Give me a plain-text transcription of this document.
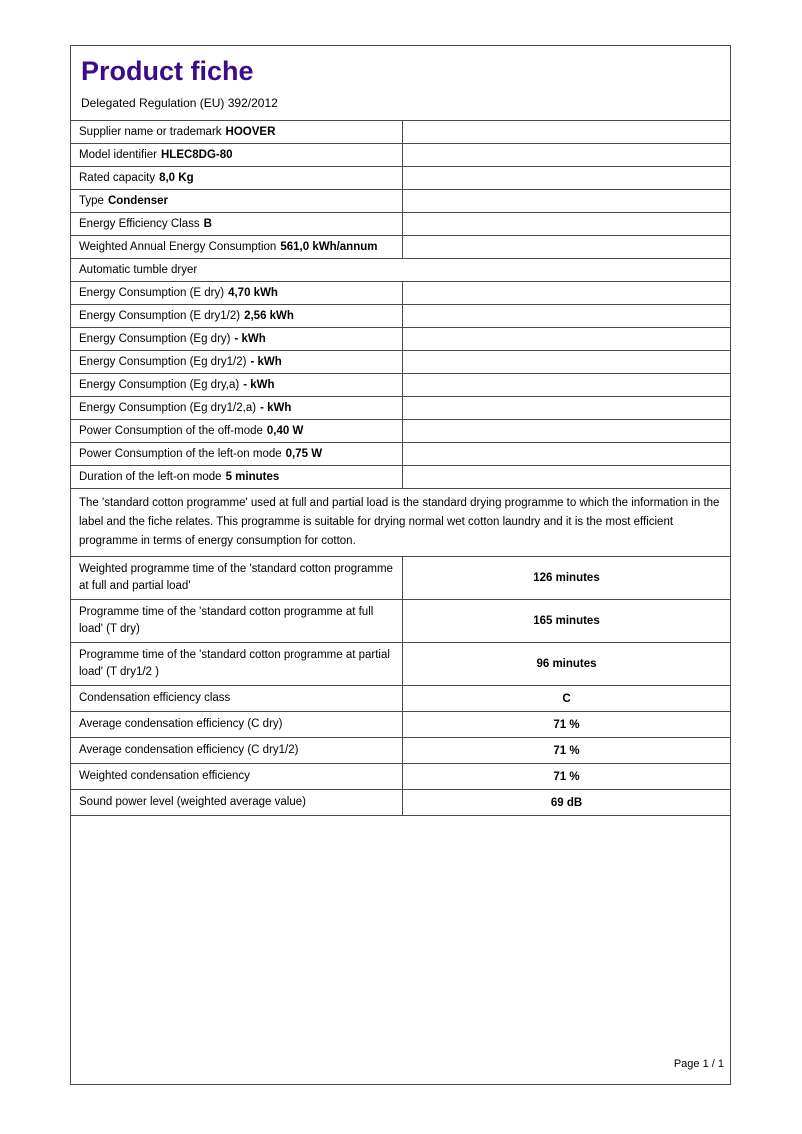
Product fiche
Delegated Regulation (EU) 392/2012
Supplier name or trademark HOOVER
Model identifier HLEC8DG-80
Rated capacity 8,0 Kg
Type Condenser
Energy Efficiency Class B
Weighted Annual Energy Consumption 561,0 kWh/annum
Automatic tumble dryer
Energy Consumption (E dry) 4,70 kWh
Energy Consumption (E dry1/2) 2,56 kWh
Energy Consumption (Eg dry) - kWh
Energy Consumption (Eg dry1/2) - kWh
Energy Consumption (Eg dry,a) - kWh
Energy Consumption (Eg dry1/2,a) - kWh
Power Consumption of the off-mode 0,40 W
Power Consumption of the left-on mode 0,75 W
Duration of the left-on mode 5 minutes
The 'standard cotton programme' used at full and partial load is the standard drying programme to which the information in the label and the fiche relates. This programme is suitable for drying normal wet cotton laundry and it is the most efficient programme in terms of energy consumption for cotton.
Weighted programme time of the 'standard cotton programme at full and partial load'
126 minutes
Programme time of the 'standard cotton programme at full load' (T dry)
165 minutes
Programme time of the 'standard cotton programme at partial load' (T dry1/2 )
96 minutes
Condensation efficiency class	C
Average condensation efficiency (C dry)	71 %
Average condensation efficiency (C dry1/2)	71 %
Weighted condensation efficiency	71 %
Sound power level (weighted average value)	69 dB
Page 1 / 1
